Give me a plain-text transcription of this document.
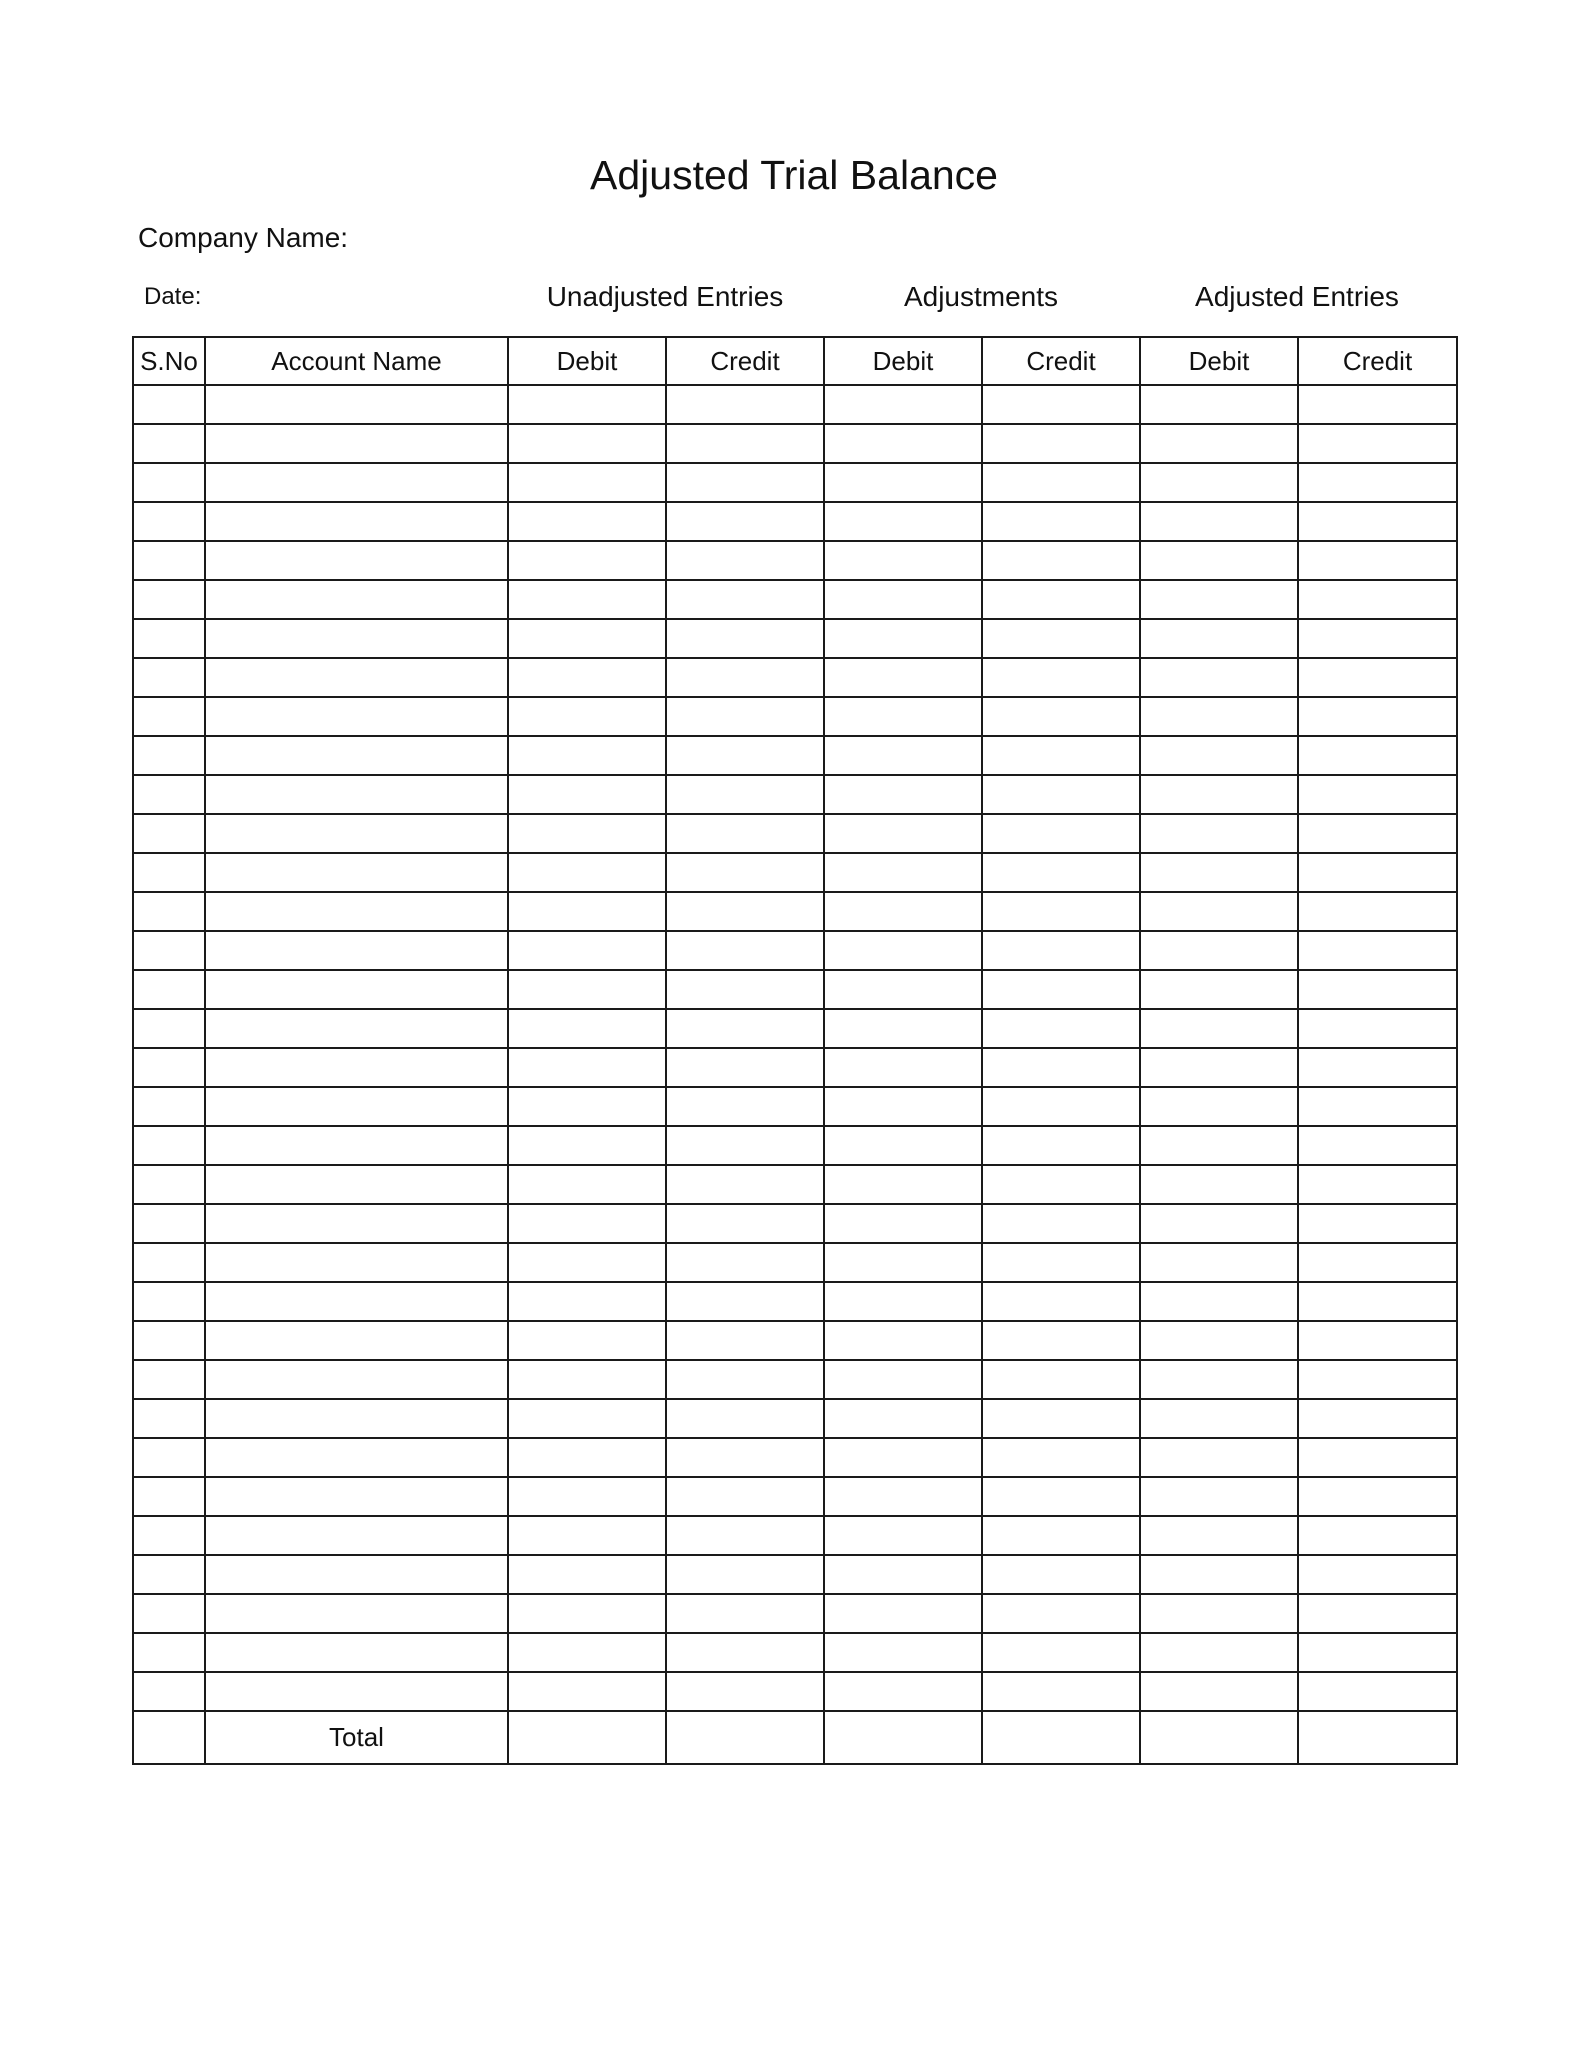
Adjusted Trial Balance
Company Name:
Date:	Unadjusted Entries	Adjustments	Adjusted Entries
S.No	Account Name	Debit	Credit	Debit	Credit	Debit	Credit

	Total						
